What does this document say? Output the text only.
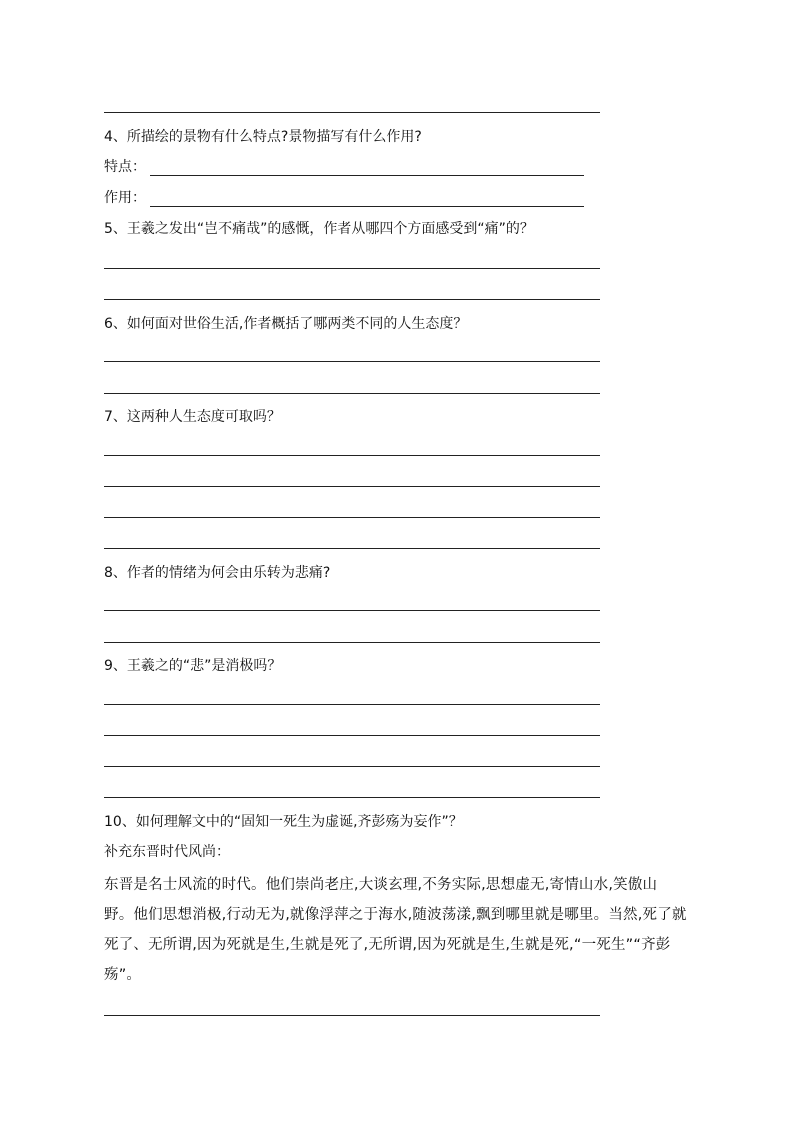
4、所描绘的景物有什么特点?景物描写有什么作用?
特点：
作用：
5、王羲之发出“岂不痛哉”的感慨，作者从哪四个方面感受到“痛”的？
6、如何面对世俗生活,作者概括了哪两类不同的人生态度？
7、这两种人生态度可取吗？
8、作者的情绪为何会由乐转为悲痛?
9、王羲之的“悲”是消极吗？
10、如何理解文中的“固知一死生为虚诞,齐彭殇为妄作”？
补充东晋时代风尚：
东晋是名士风流的时代。他们崇尚老庄,大谈玄理,不务实际,思想虚无,寄情山水,笑傲山
野。他们思想消极,行动无为,就像浮萍之于海水,随波荡漾,飘到哪里就是哪里。当然,死了就
死了、无所谓,因为死就是生,生就是死了,无所谓,因为死就是生,生就是死,“一死生”“齐彭
殇”。
